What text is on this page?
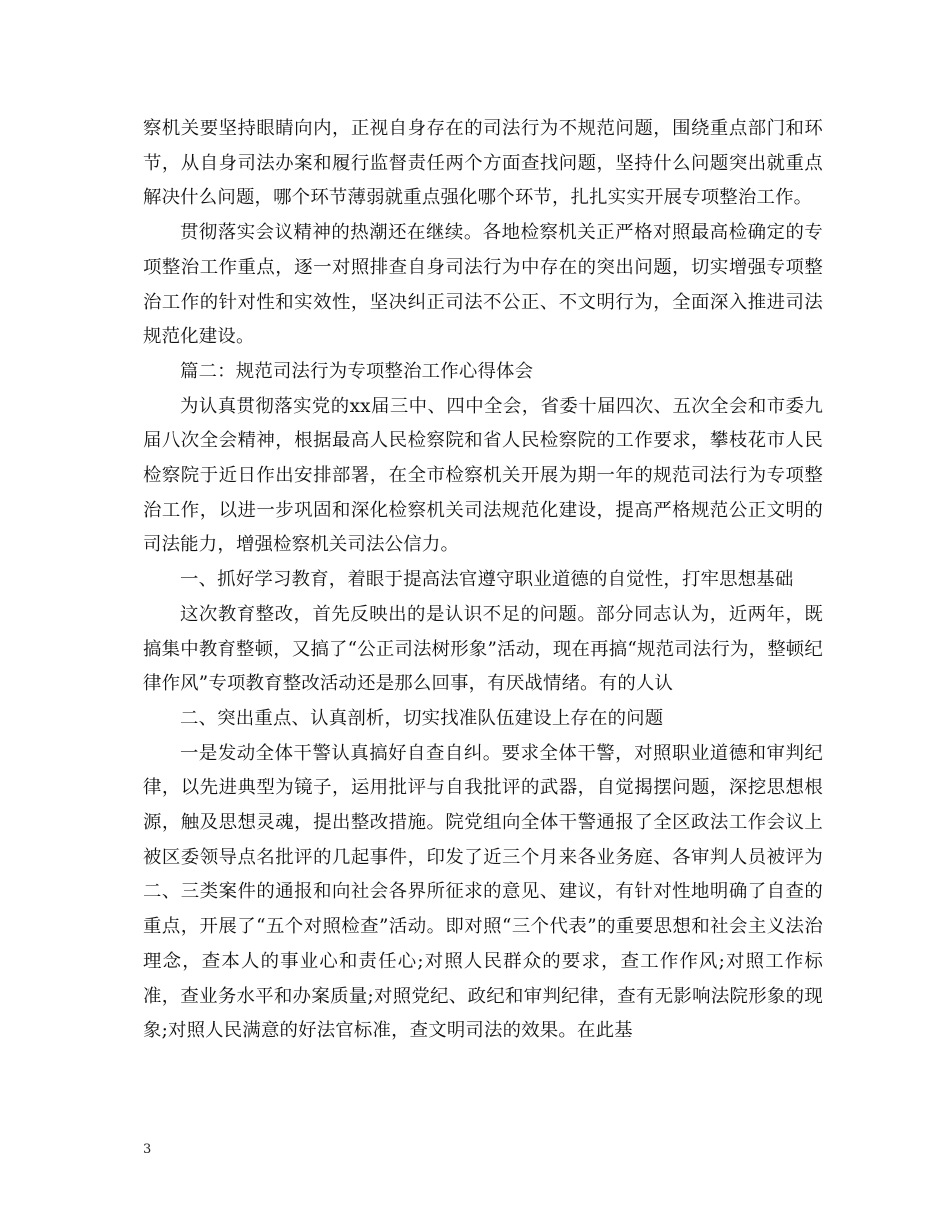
察机关要坚持眼睛向内，正视自身存在的司法行为不规范问题，围绕重点部门和环节，从自身司法办案和履行监督责任两个方面查找问题，坚持什么问题突出就重点解决什么问题，哪个环节薄弱就重点强化哪个环节，扎扎实实开展专项整治工作。

贯彻落实会议精神的热潮还在继续。各地检察机关正严格对照最高检确定的专项整治工作重点，逐一对照排查自身司法行为中存在的突出问题，切实增强专项整治工作的针对性和实效性，坚决纠正司法不公正、不文明行为，全面深入推进司法规范化建设。

篇二：规范司法行为专项整治工作心得体会

为认真贯彻落实党的xx届三中、四中全会，省委十届四次、五次全会和市委九届八次全会精神，根据最高人民检察院和省人民检察院的工作要求，攀枝花市人民检察院于近日作出安排部署，在全市检察机关开展为期一年的规范司法行为专项整治工作，以进一步巩固和深化检察机关司法规范化建设，提高严格规范公正文明的司法能力，增强检察机关司法公信力。

一、抓好学习教育，着眼于提高法官遵守职业道德的自觉性，打牢思想基础

这次教育整改，首先反映出的是认识不足的问题。部分同志认为，近两年，既搞集中教育整顿，又搞了“公正司法树形象”活动，现在再搞“规范司法行为，整顿纪律作风”专项教育整改活动还是那么回事，有厌战情绪。有的人认

二、突出重点、认真剖析，切实找准队伍建设上存在的问题

一是发动全体干警认真搞好自查自纠。要求全体干警，对照职业道德和审判纪律，以先进典型为镜子，运用批评与自我批评的武器，自觉揭摆问题，深挖思想根源，触及思想灵魂，提出整改措施。院党组向全体干警通报了全区政法工作会议上被区委领导点名批评的几起事件，印发了近三个月来各业务庭、各审判人员被评为二、三类案件的通报和向社会各界所征求的意见、建议，有针对性地明确了自查的重点，开展了“五个对照检查”活动。即对照“三个代表”的重要思想和社会主义法治理念，查本人的事业心和责任心;对照人民群众的要求，查工作作风;对照工作标准，查业务水平和办案质量;对照党纪、政纪和审判纪律，查有无影响法院形象的现象;对照人民满意的好法官标准，查文明司法的效果。在此基

3
